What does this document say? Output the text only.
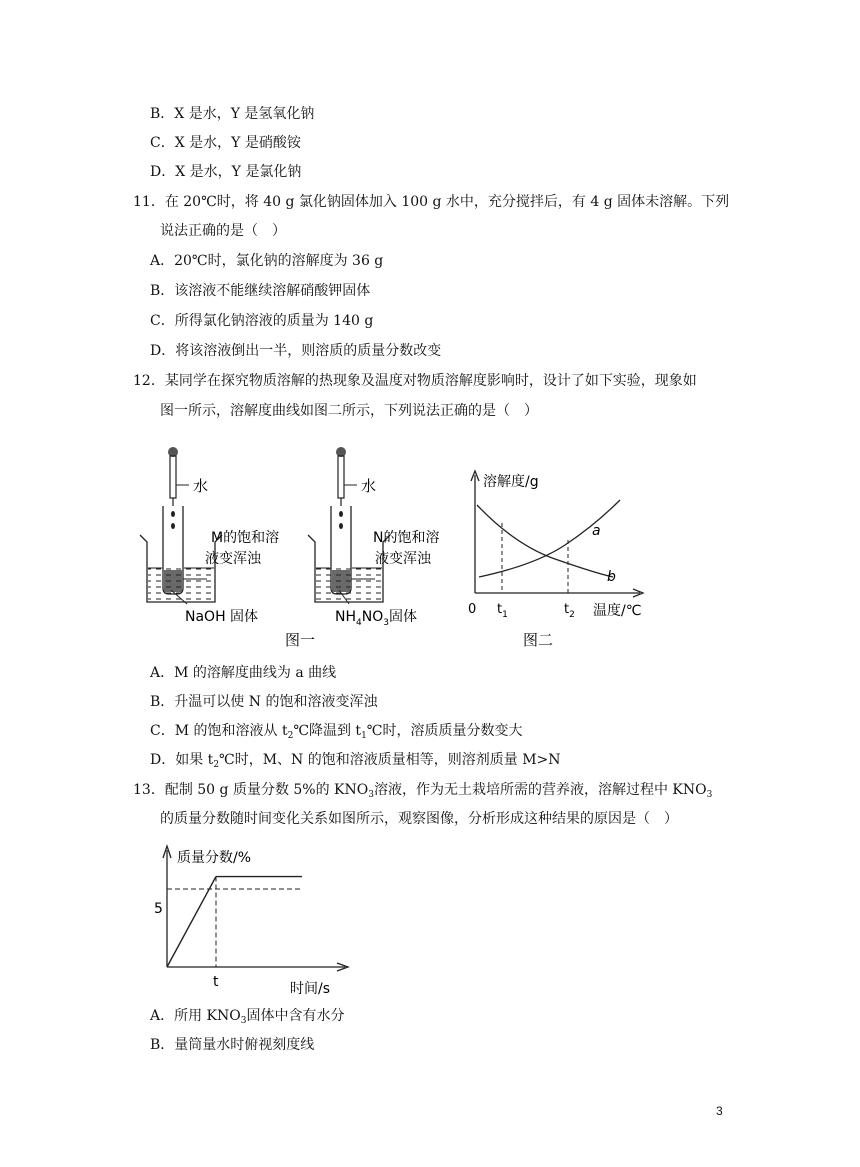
B．X 是水，Y 是氢氧化钠
C．X 是水，Y 是硝酸铵
D．X 是水，Y 是氯化钠
11．在 20℃时，将 40 g 氯化钠固体加入 100 g 水中，充分搅拌后，有 4 g 固体未溶解。下列
说法正确的是（　）
A．20℃时，氯化钠的溶解度为 36 g
B．该溶液不能继续溶解硝酸钾固体
C．所得氯化钠溶液的质量为 140 g
D．将该溶液倒出一半，则溶质的质量分数改变
12．某同学在探究物质溶解的热现象及温度对物质溶解度影响时，设计了如下实验，现象如
图一所示，溶解度曲线如图二所示，下列说法正确的是（　）
水
M的饱和溶
液变浑浊
NaOH 固体
水
N的饱和溶
液变浑浊
$NH_4NO_3$固体
图一
溶解度/g
a
b
0 $t_1$	$t_2$ 温度/℃
图二
A．M 的溶解度曲线为 a 曲线
B．升温可以使 N 的饱和溶液变浑浊
C．M 的饱和溶液从 $t_2℃$降温到 $t_1℃$时，溶质质量分数变大
D．如果 $t_2℃$时，M、N 的饱和溶液质量相等，则溶剂质量 M>N
13．配制 50 g 质量分数 5%的 $KNO_3$溶液，作为无土栽培所需的营养液，溶解过程中 $KNO_3$
的质量分数随时间变化关系如图所示，观察图像，分析形成这种结果的原因是（　）
质量分数/%
5
t	时间/s
A．所用 $KNO_3$固体中含有水分
B．量筒量水时俯视刻度线
3
